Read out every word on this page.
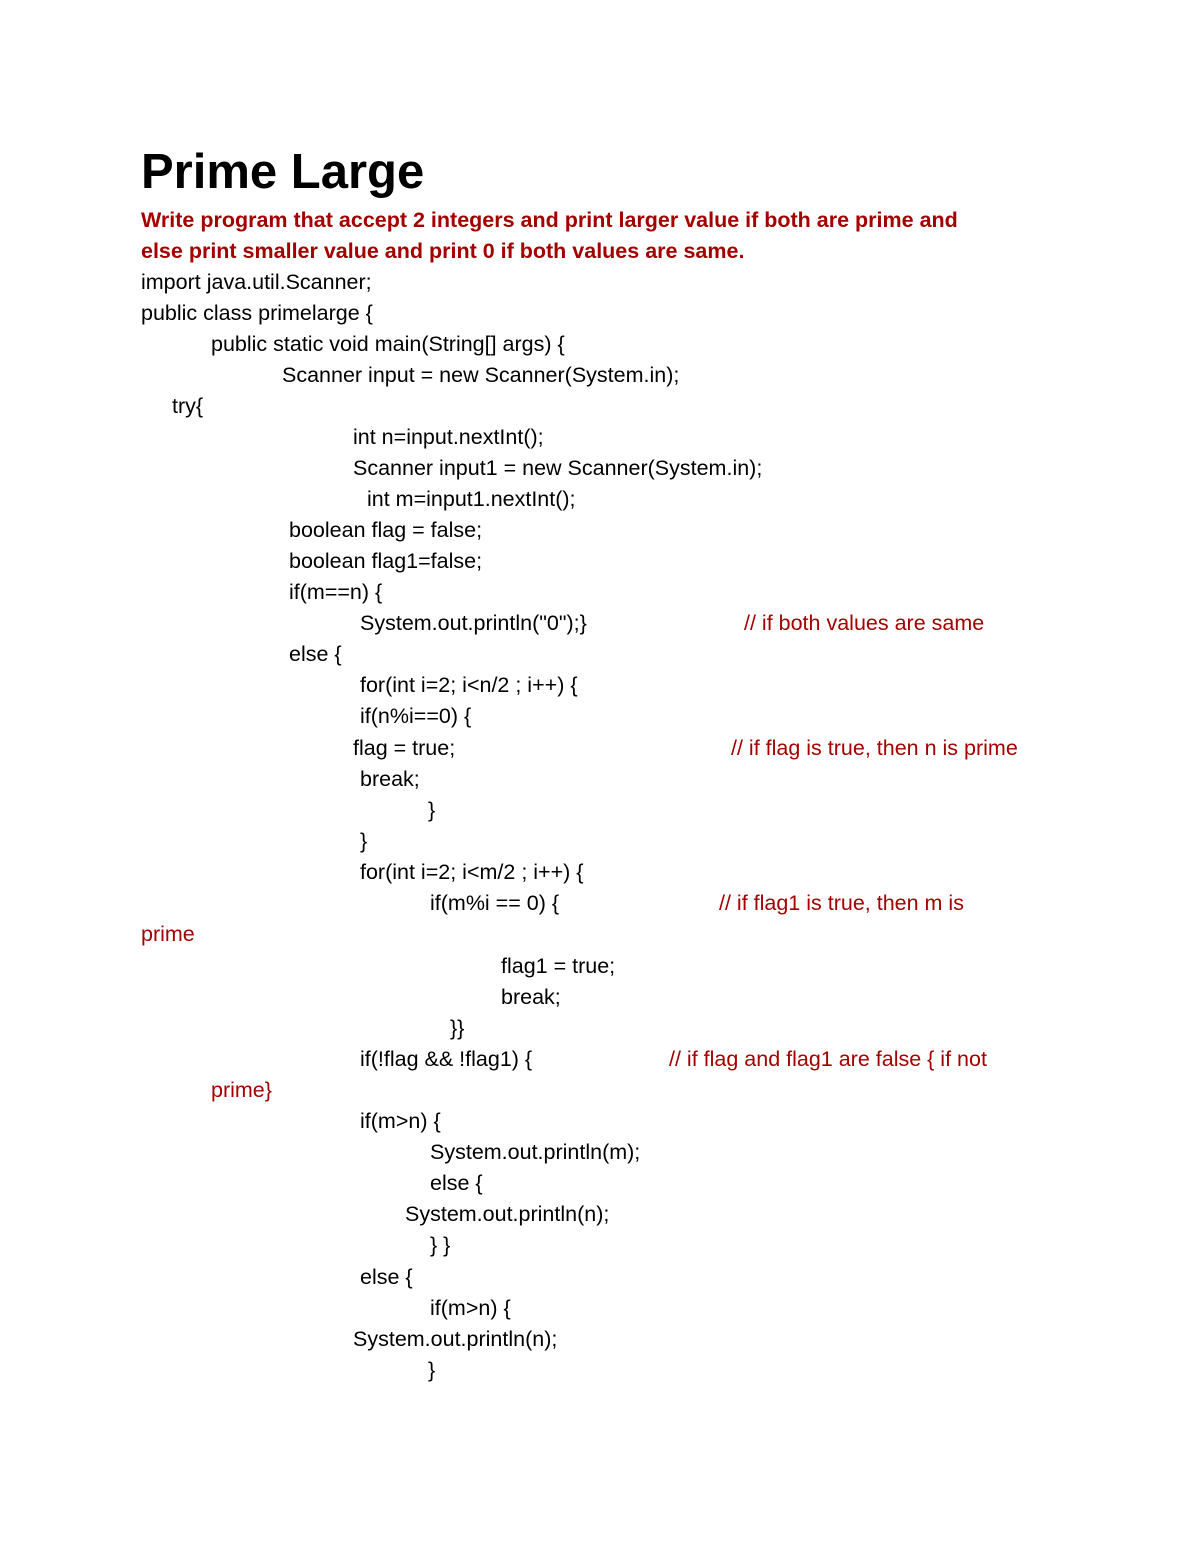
Prime Large
Write program that accept 2 integers and print larger value if both are prime and
else print smaller value and print 0 if both values are same.
import java.util.Scanner;
public class primelarge {
public static void main(String[] args) {
Scanner input = new Scanner(System.in);
try{
int n=input.nextInt();
Scanner input1 = new Scanner(System.in);
int m=input1.nextInt();
boolean flag = false;
boolean flag1=false;
if(m==n) {
System.out.println("0");}	// if both values are same
else {
for(int i=2; i<n/2 ; i++) {
if(n%i==0) {
flag = true;	// if flag is true, then n is prime
break;
}
}
for(int i=2; i<m/2 ; i++) {
if(m%i == 0) {	// if flag1 is true, then m is
prime
flag1 = true;
break;
}}
if(!flag && !flag1) {	// if flag and flag1 are false { if not
prime}
if(m>n) {
System.out.println(m);
else {
System.out.println(n);
} }
else {
if(m>n) {
System.out.println(n);
}
